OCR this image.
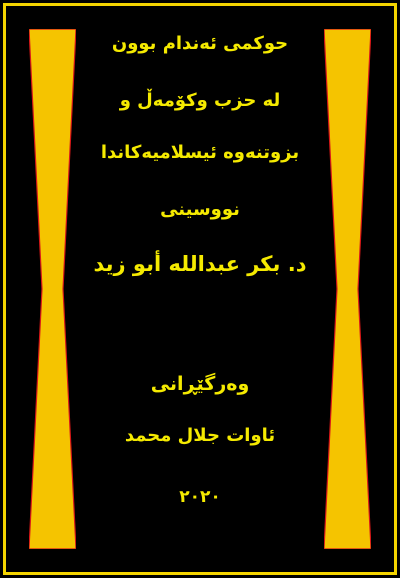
حوکمی ئەندام بوون
لە حزب وکۆمەڵ و
بزوتنەوە ئیسلامیەکاندا
نووسینی
د. بکر عبدالله أبو زید
وەرگێڕانی
ئاوات جلال محمد
٢٠٢٠
